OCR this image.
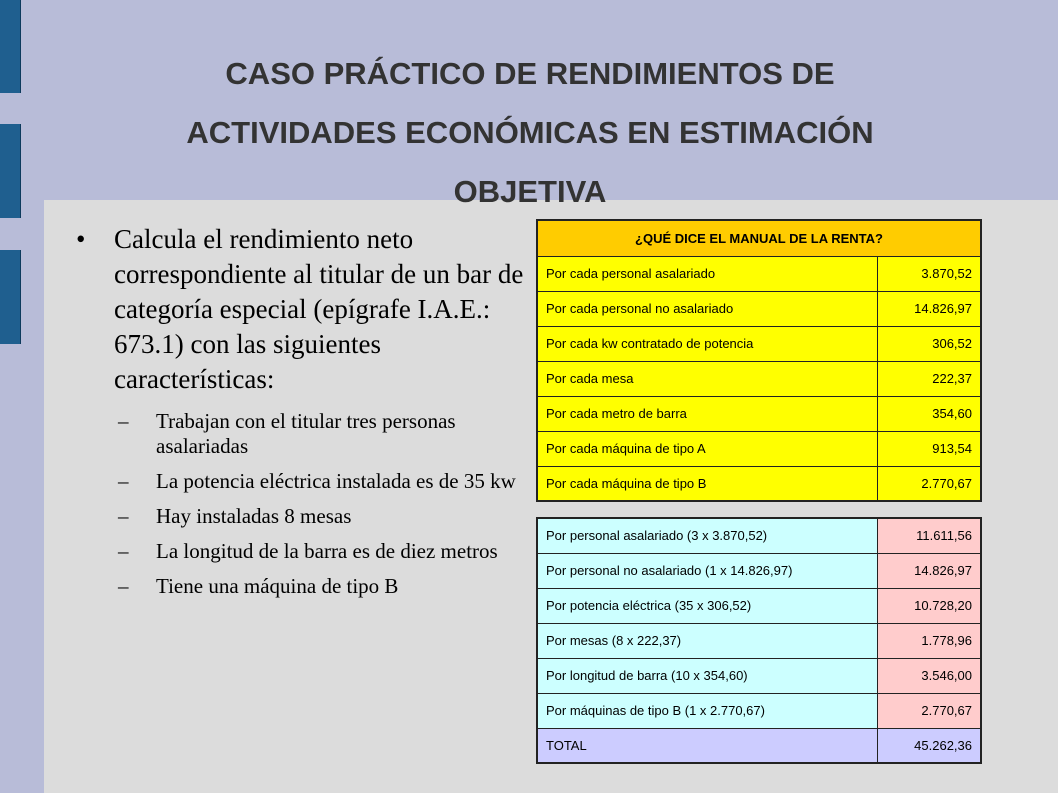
CASO PRÁCTICO DE RENDIMIENTOS DE
ACTIVIDADES ECONÓMICAS EN ESTIMACIÓN
OBJETIVA
• Calcula el rendimiento neto correspondiente al titular de un bar de categoría especial (epígrafe I.A.E.: 673.1) con las siguientes características:
– Trabajan con el titular tres personas asalariadas
– La potencia eléctrica instalada es de 35 kw
– Hay instaladas 8 mesas
– La longitud de la barra es de diez metros
– Tiene una máquina de tipo B
¿QUÉ DICE EL MANUAL DE LA RENTA?	
Por cada personal asalariado	3.870,52
Por cada personal no asalariado	14.826,97
Por cada kw contratado de potencia	306,52
Por cada mesa	222,37
Por cada metro de barra	354,60
Por cada máquina de tipo A	913,54
Por cada máquina de tipo B	2.770,67
Por personal asalariado (3 x 3.870,52)	11.611,56
Por personal no asalariado (1 x 14.826,97)	14.826,97
Por potencia eléctrica (35 x 306,52)	10.728,20
Por mesas (8 x 222,37)	1.778,96
Por longitud de barra (10 x 354,60)	3.546,00
Por máquinas de tipo B (1 x 2.770,67)	2.770,67
TOTAL	45.262,36
